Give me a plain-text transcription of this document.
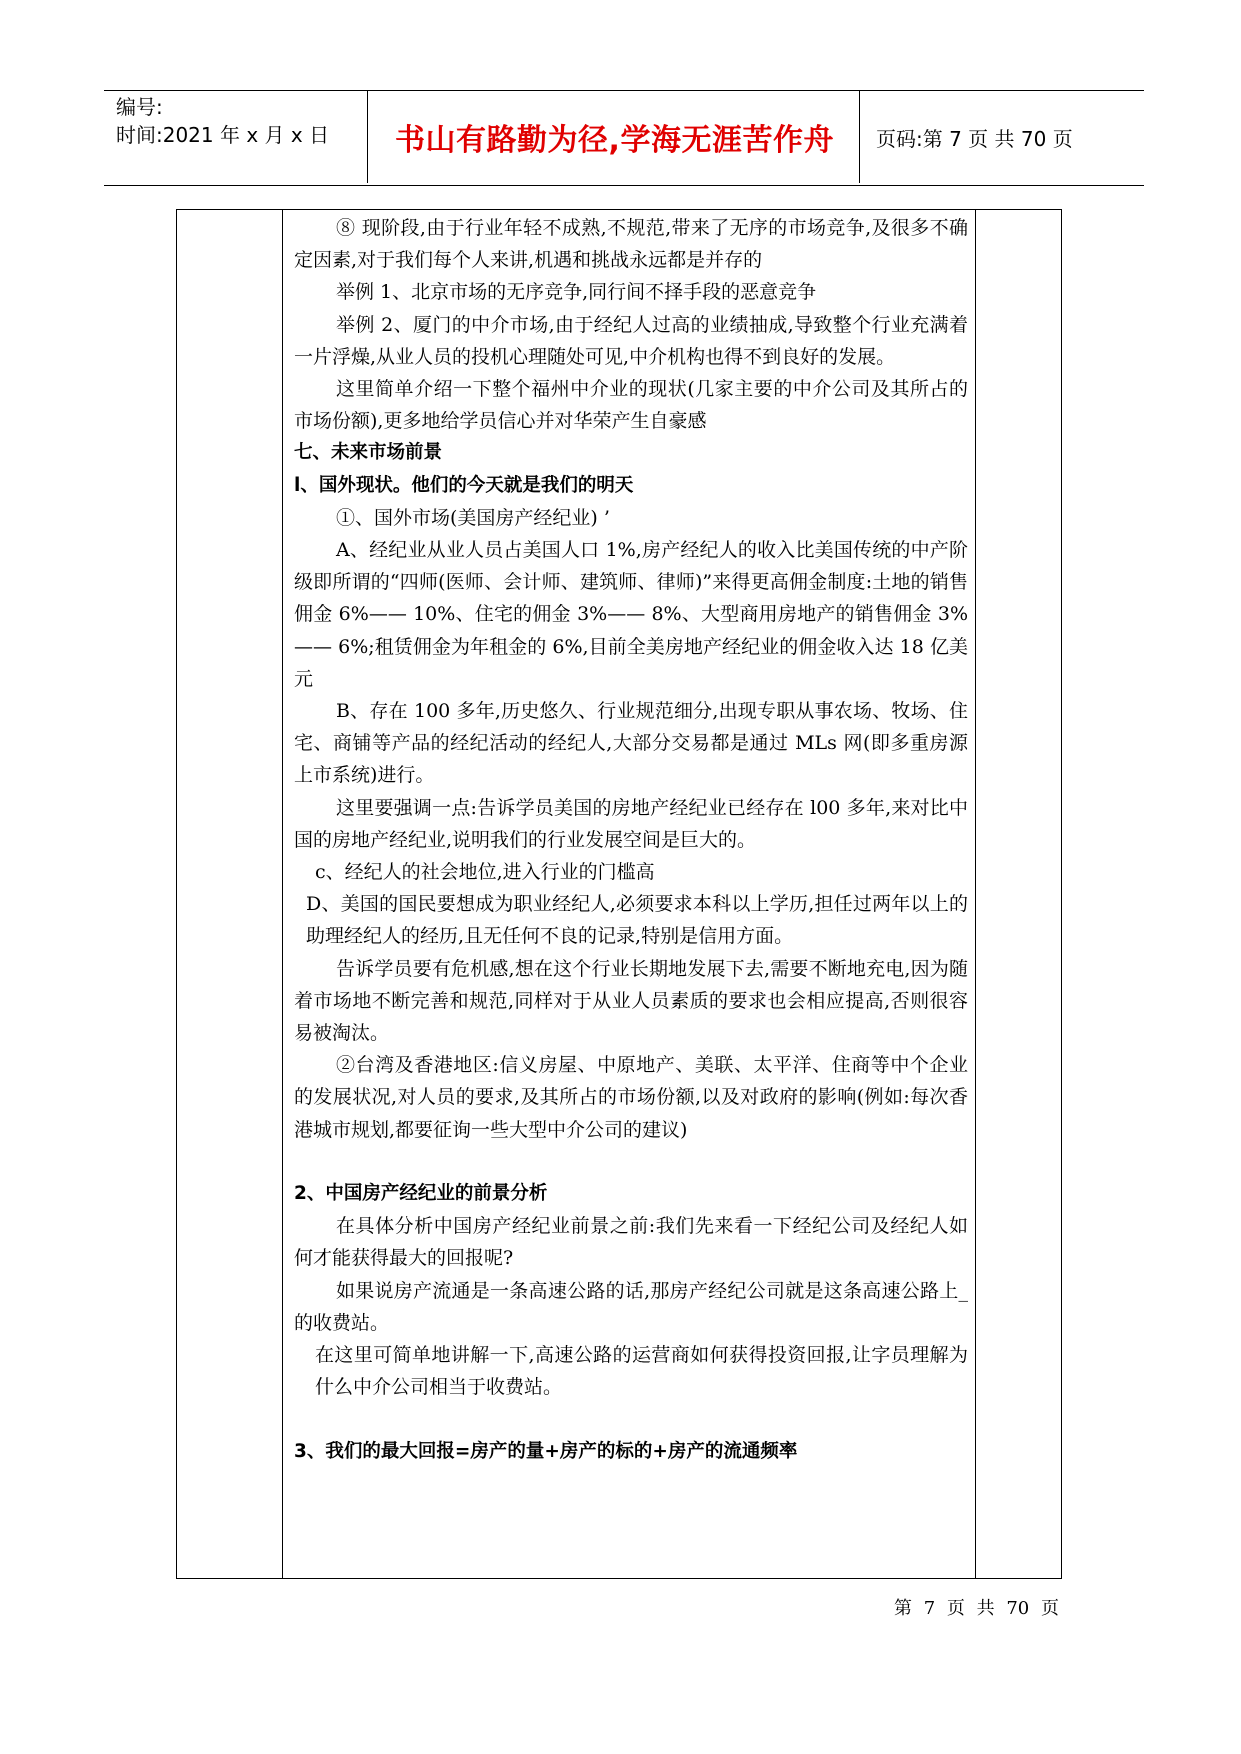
编号:
时间:2021 年 x 月 x 日	书山有路勤为径,学海无涯苦作舟	页码:第 7 页 共 70 页

⑧ 现阶段,由于行业年轻不成熟,不规范,带来了无序的市场竞争,及很多不确定因素,对于我们每个人来讲,机遇和挑战永远都是并存的

举例 1、北京市场的无序竞争,同行间不择手段的恶意竞争

举例 2、厦门的中介市场,由于经纪人过高的业绩抽成,导致整个行业充满着一片浮燥,从业人员的投机心理随处可见,中介机构也得不到良好的发展。

这里简单介绍一下整个福州中介业的现状(几家主要的中介公司及其所占的市场份额),更多地给学员信心并对华荣产生自豪感

七、未来市场前景

l、国外现状。他们的今天就是我们的明天

①、国外市场(美国房产经纪业) ’

A、经纪业从业人员占美国人口 1%,房产经纪人的收入比美国传统的中产阶级即所谓的“四师(医师、会计师、建筑师、律师)”来得更高佣金制度:土地的销售佣金 6%—— 10%、住宅的佣金 3%—— 8%、大型商用房地产的销售佣金 3%—— 6%;租赁佣金为年租金的 6%,目前全美房地产经纪业的佣金收入达 18 亿美元

B、存在 100 多年,历史悠久、行业规范细分,出现专职从事农场、牧场、住宅、商铺等产品的经纪活动的经纪人,大部分交易都是通过 MLs 网(即多重房源上市系统)进行。

这里要强调一点:告诉学员美国的房地产经纪业已经存在 l00 多年,来对比中国的房地产经纪业,说明我们的行业发展空间是巨大的。

c、经纪人的社会地位,进入行业的门槛高

D、美国的国民要想成为职业经纪人,必须要求本科以上学历,担任过两年以上的助理经纪人的经历,且无任何不良的记录,特别是信用方面。

告诉学员要有危机感,想在这个行业长期地发展下去,需要不断地充电,因为随着市场地不断完善和规范,同样对于从业人员素质的要求也会相应提高,否则很容易被淘汰。

②台湾及香港地区:信义房屋、中原地产、美联、太平洋、住商等中个企业的发展状况,对人员的要求,及其所占的市场份额,以及对政府的影响(例如:每次香港城市规划,都要征询一些大型中介公司的建议)

2、中国房产经纪业的前景分析

在具体分析中国房产经纪业前景之前:我们先来看一下经纪公司及经纪人如何才能获得最大的回报呢?

如果说房产流通是一条高速公路的话,那房产经纪公司就是这条高速公路上_的收费站。

在这里可简单地讲解一下,高速公路的运营商如何获得投资回报,让字员理解为什么中介公司相当于收费站。

3、我们的最大回报=房产的量+房产的标的+房产的流通频率

第 7 页 共 70 页
